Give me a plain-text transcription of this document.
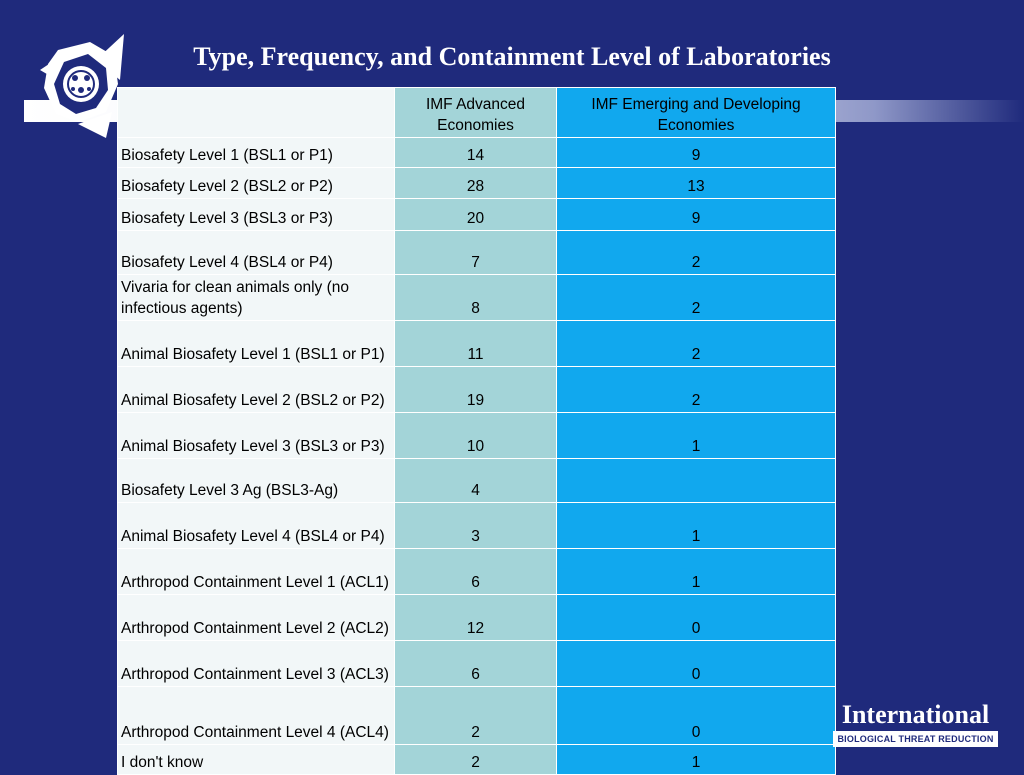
Type, Frequency, and Containment Level of Laboratories
	IMF Advanced Economies	IMF Emerging and Developing Economies
Biosafety Level 1 (BSL1 or P1)	14	9
Biosafety Level 2 (BSL2 or P2)	28	13
Biosafety Level 3 (BSL3 or P3)	20	9
Biosafety Level 4 (BSL4 or P4)	7	2
Vivaria for clean animals only (no infectious agents)	8	2
Animal Biosafety Level 1 (BSL1 or P1)	11	2
Animal Biosafety Level 2 (BSL2 or P2)	19	2
Animal Biosafety Level 3 (BSL3 or P3)	10	1
Biosafety Level 3 Ag (BSL3-Ag)	4	
Animal Biosafety Level 4 (BSL4 or P4)	3	1
Arthropod Containment Level 1 (ACL1)	6	1
Arthropod Containment Level 2 (ACL2)	12	0
Arthropod Containment Level 3 (ACL3)	6	0
Arthropod Containment Level 4 (ACL4)	2	0
I don't know	2	1
International
BIOLOGICAL THREAT REDUCTION
